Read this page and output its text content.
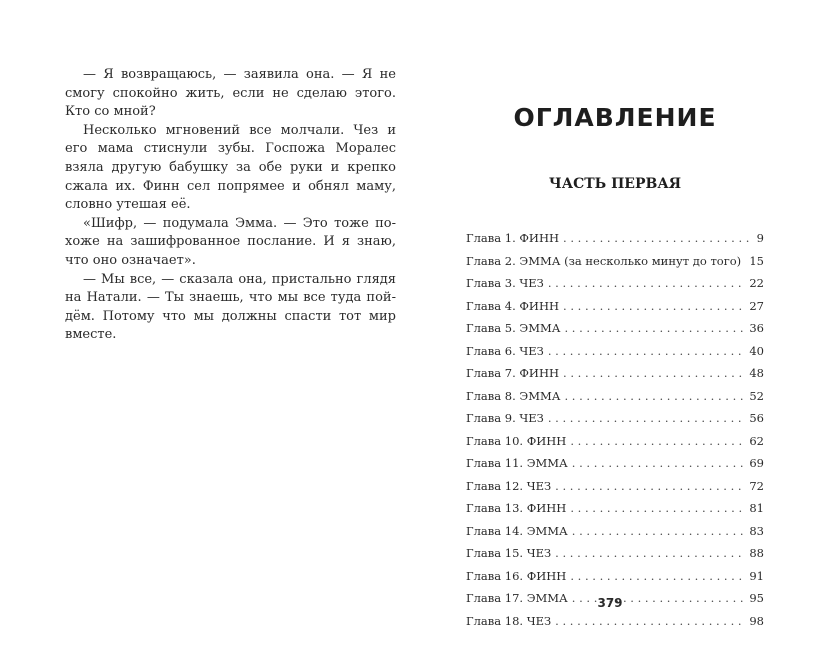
— Я возвращаюсь, — заявила она. — Я не смогу спокойно жить, если не сделаю этого. Кто со мной?

Несколько мгновений все молчали. Чез и его мама стиснули зубы. Госпожа Моралес взяла другую бабушку за обе руки и крепко сжала их. Финн сел попрямее и обнял маму, словно утешая её.

«Шифр, — подумала Эмма. — Это тоже похоже на зашифрованное послание. И я знаю, что оно означает».

— Мы все, — сказала она, пристально глядя на Натали. — Ты знаешь, что мы все туда пойдём. Потому что мы должны спасти тот мир вместе.

ОГЛАВЛЕНИЕ
ЧАСТЬ ПЕРВАЯ
Глава 1. ФИНН . . .	9
Глава 2. ЭММА (за несколько минут до того) . . . 15
Глава 3. ЧЕЗ . . .	22
Глава 4. ФИНН . . .	27
Глава 5. ЭММА . . .	36
Глава 6. ЧЕЗ . . .	40
Глава 7. ФИНН . . .	48
Глава 8. ЭММА . . .	52
Глава 9. ЧЕЗ . . .	56
Глава 10. ФИНН . . .	62
Глава 11. ЭММА . . .	69
Глава 12. ЧЕЗ . . .	72
Глава 13. ФИНН . . .	81
Глава 14. ЭММА . . .	83
Глава 15. ЧЕЗ . . .	88
Глава 16. ФИНН . . .	91
Глава 17. ЭММА . . .	95
Глава 18. ЧЕЗ . . .	98
379
